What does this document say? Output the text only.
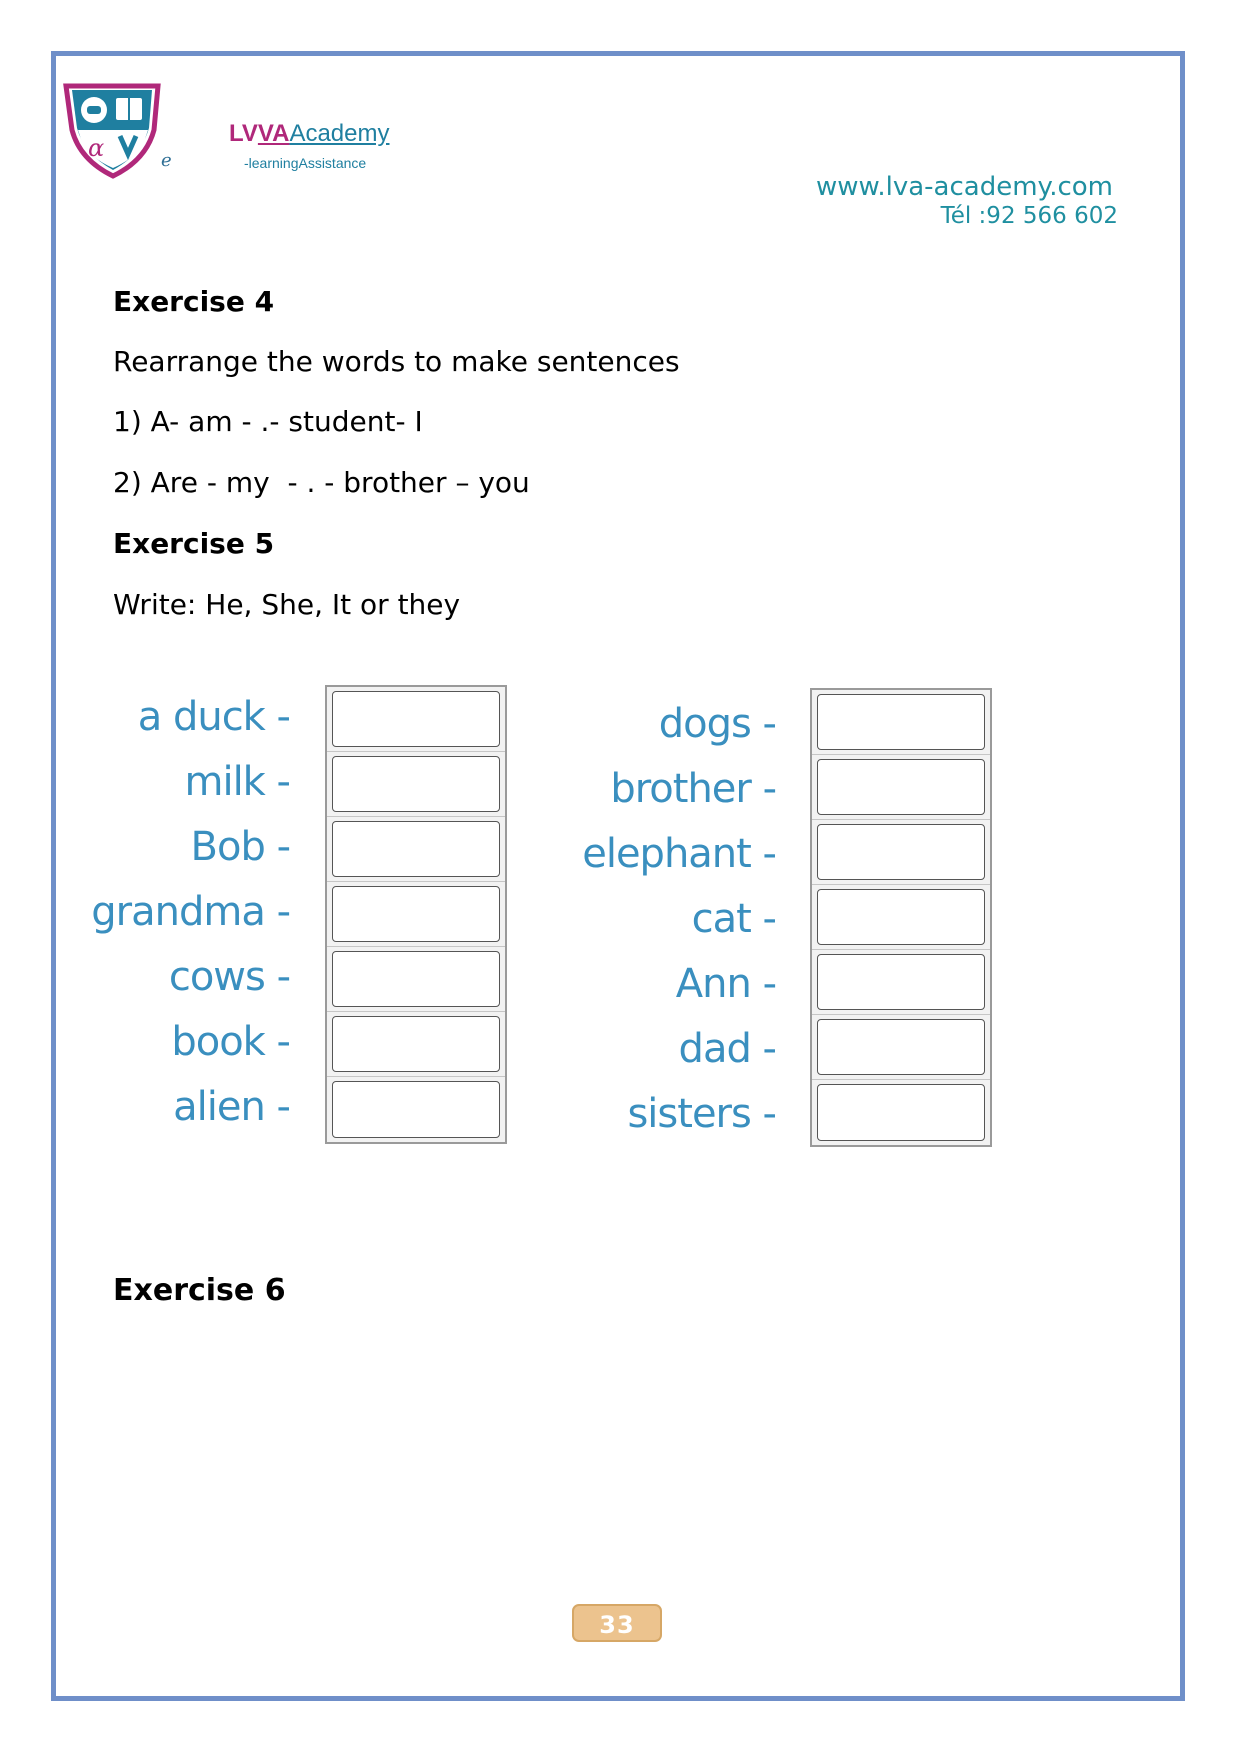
α	e
LVVAAcademy
-learningAssistance
www.lva-academy.com
Tél :92 566 602
Exercise 4
Rearrange the words to make sentences
1) A- am - .- student- I
2) Are - my  - . - brother – you
Exercise 5
Write: He, She, It or they
a duck -
milk -
Bob -
grandma -
cows -
book -
alien -
dogs -
brother -
elephant -
cat -
Ann -
dad -
sisters -
Exercise 6
33
